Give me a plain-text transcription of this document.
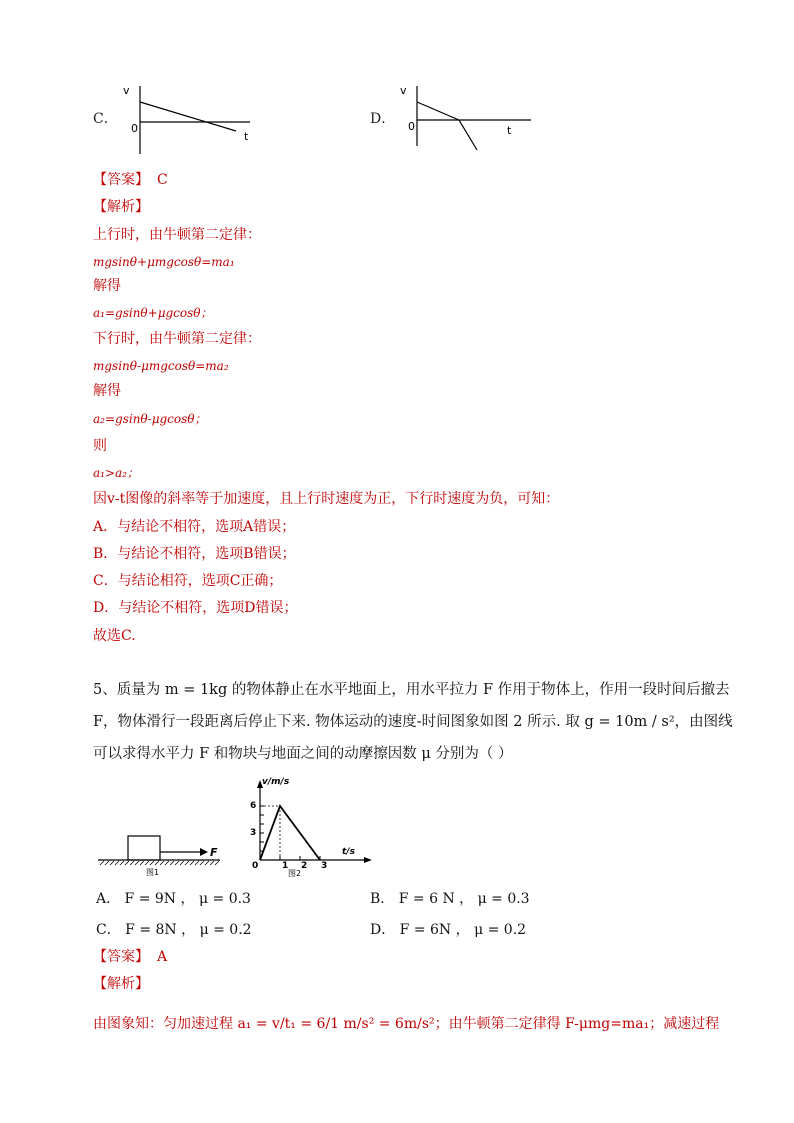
C．
v
0
t
D．
v
0	t
【答案】 C
【解析】
上行时，由牛顿第二定律：
mgsinθ+μmgcosθ=ma₁
解得
a₁=gsinθ+μgcosθ；
下行时，由牛顿第二定律：
mgsinθ-μmgcosθ=ma₂
解得
a₂=gsinθ-μgcosθ；
则
a₁>a₂；
因v-t图像的斜率等于加速度，且上行时速度为正，下行时速度为负，可知：
A．与结论不相符，选项A错误；
B．与结论不相符，选项B错误；
C．与结论相符，选项C正确；
D．与结论不相符，选项D错误；
故选C.
5、质量为 m = 1kg 的物体静止在水平地面上，用水平拉力 F 作用于物体上，作用一段时间后撤去
F，物体滑行一段距离后停止下来. 物体运动的速度-时间图象如图 2 所示. 取 g = 10m / s²，由图线
可以求得水平力 F 和物块与地面之间的动摩擦因数 μ 分别为（ ）
F
图1
v/m/s
t/s
6
3
0	1 2 3
图2
A． F = 9N ， μ = 0.3	B． F = 6 N ， μ = 0.3
C． F = 8N ， μ = 0.2	D． F = 6N ， μ = 0.2
【答案】 A
【解析】
由图象知：匀加速过程 a₁ = v/t₁ = 6/1 m/s² = 6m/s²；由牛顿第二定律得 F-μmg=ma₁；减速过程
